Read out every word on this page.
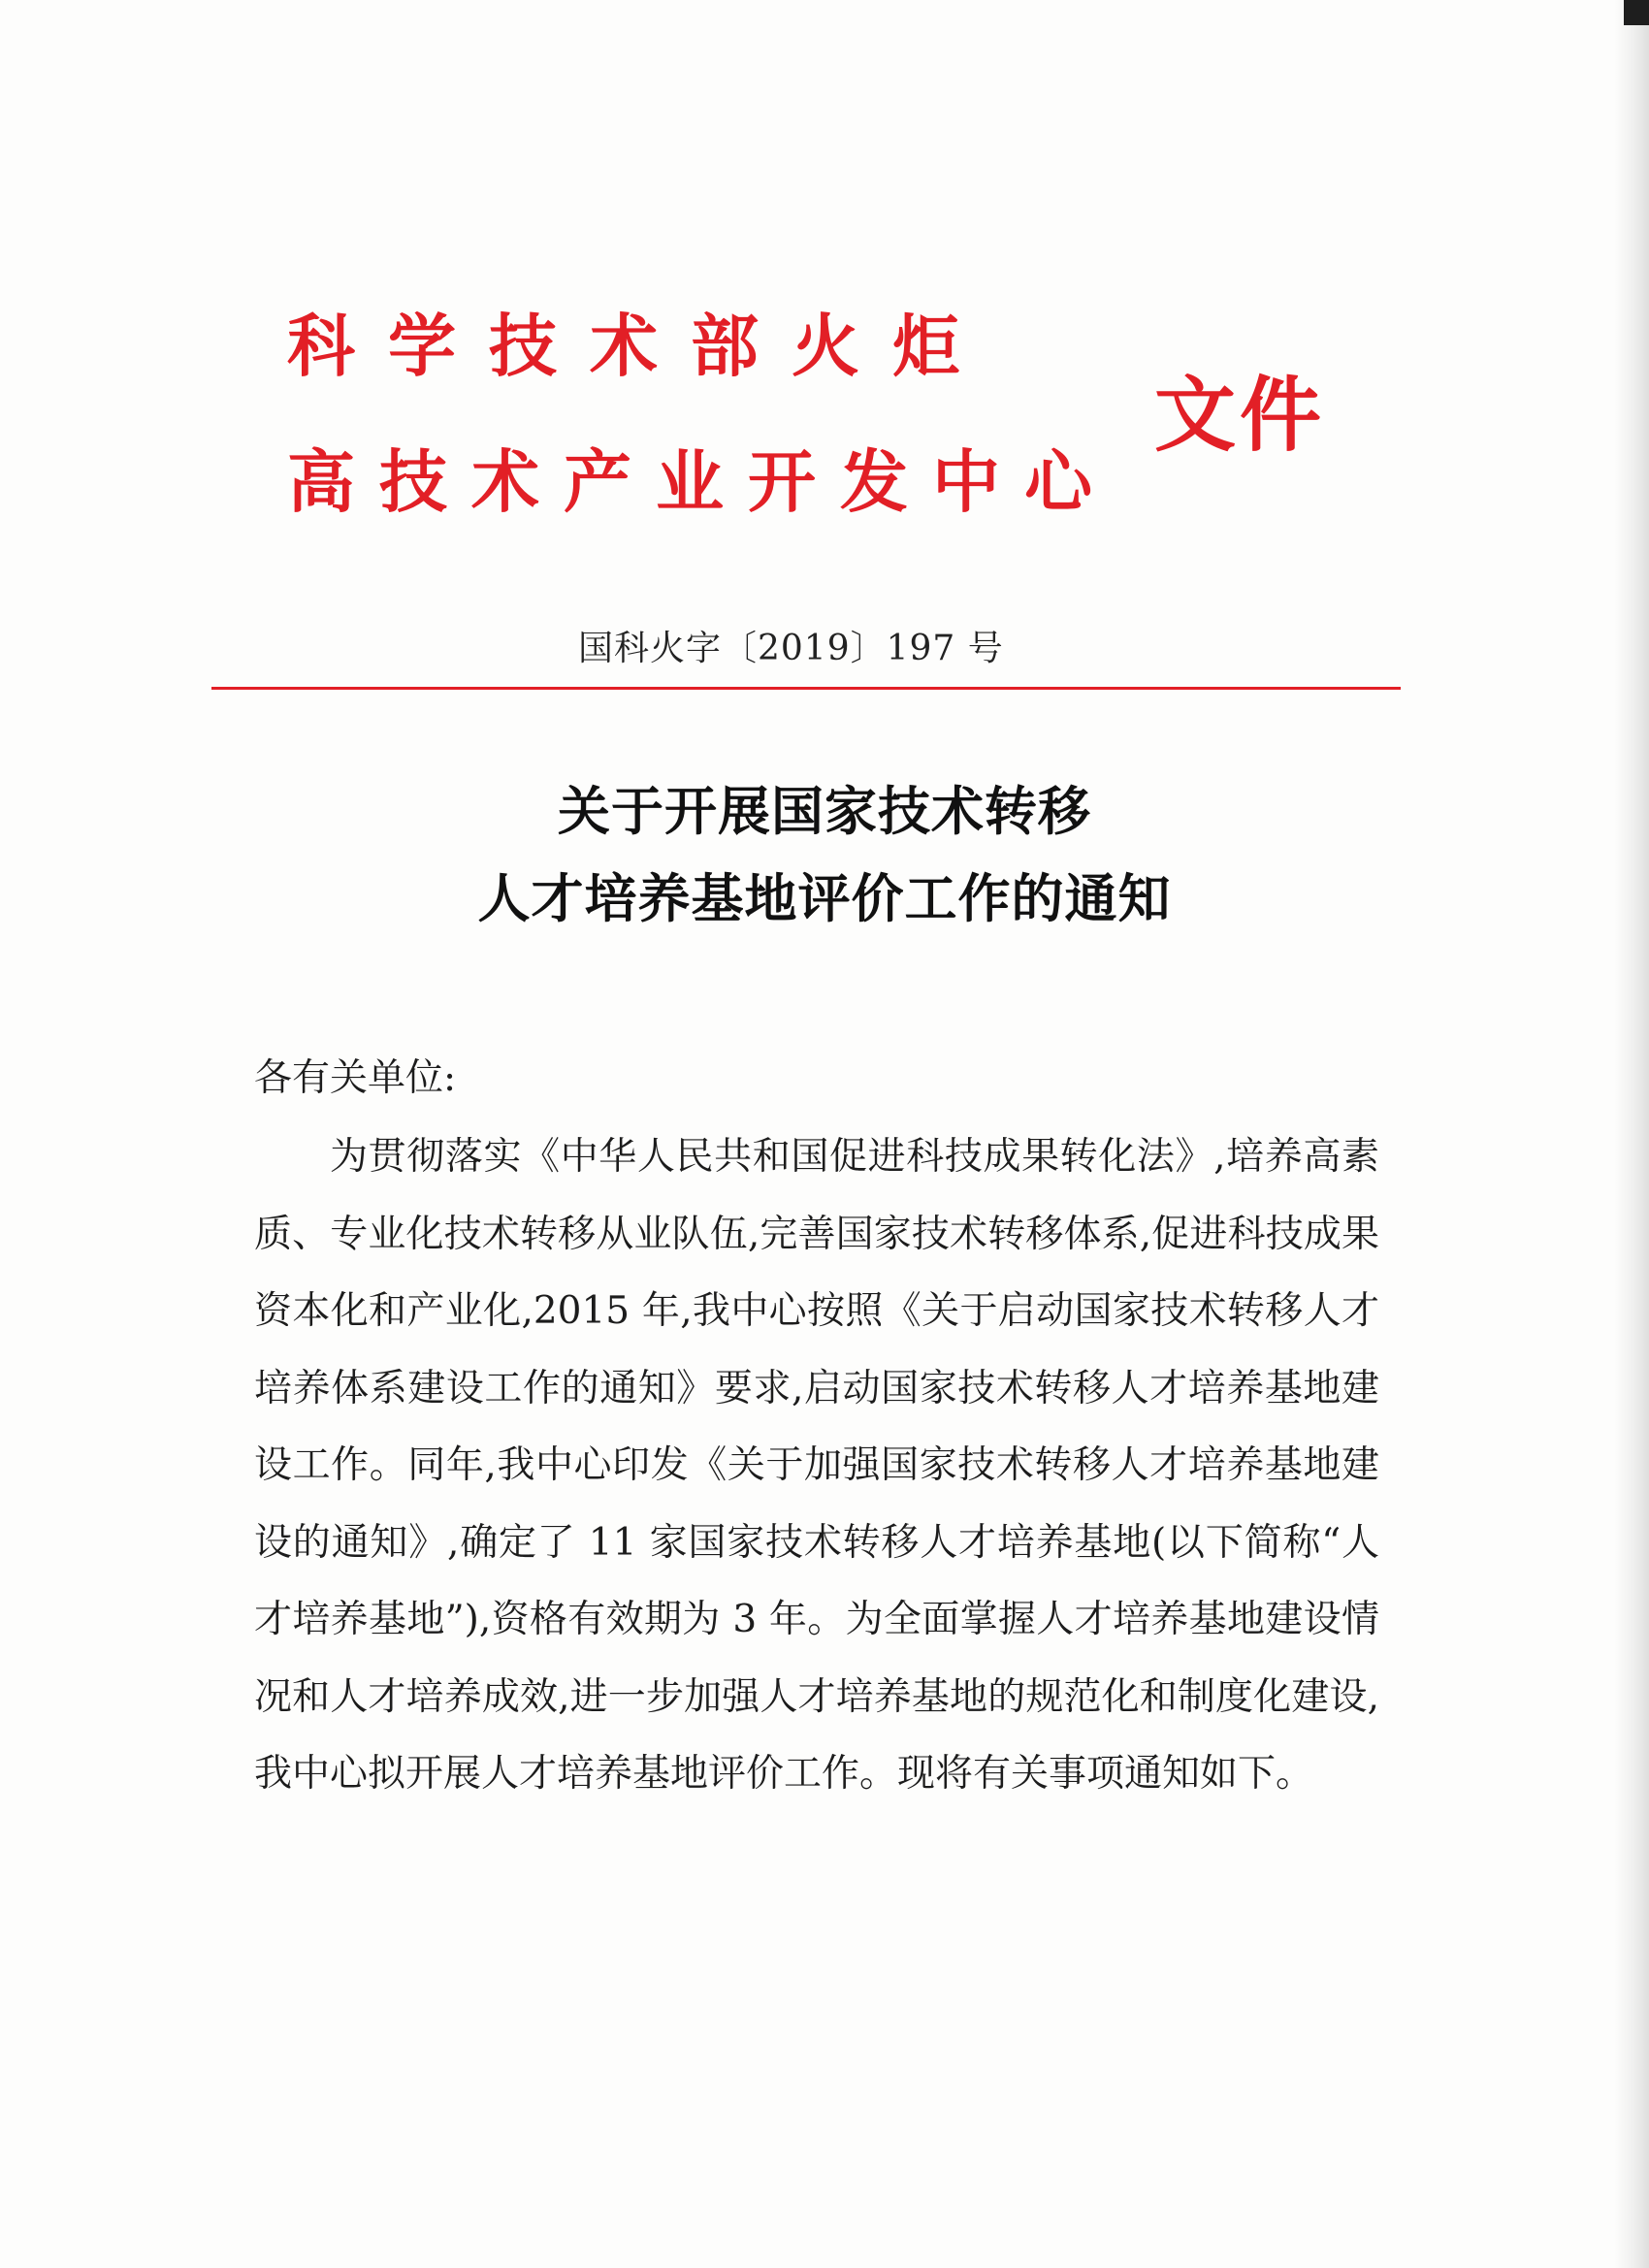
科学技术部火炬
高技术产业开发中心
文件
国科火字〔2019〕197 号
关于开展国家技术转移
人才培养基地评价工作的通知
各有关单位:

为贯彻落实《中华人民共和国促进科技成果转化法》,培养高素质、专业化技术转移从业队伍,完善国家技术转移体系,促进科技成果资本化和产业化,2015 年,我中心按照《关于启动国家技术转移人才培养体系建设工作的通知》要求,启动国家技术转移人才培养基地建设工作。同年,我中心印发《关于加强国家技术转移人才培养基地建设的通知》,确定了 11 家国家技术转移人才培养基地(以下简称“人才培养基地”),资格有效期为 3 年。为全面掌握人才培养基地建设情况和人才培养成效,进一步加强人才培养基地的规范化和制度化建设,我中心拟开展人才培养基地评价工作。现将有关事项通知如下。
